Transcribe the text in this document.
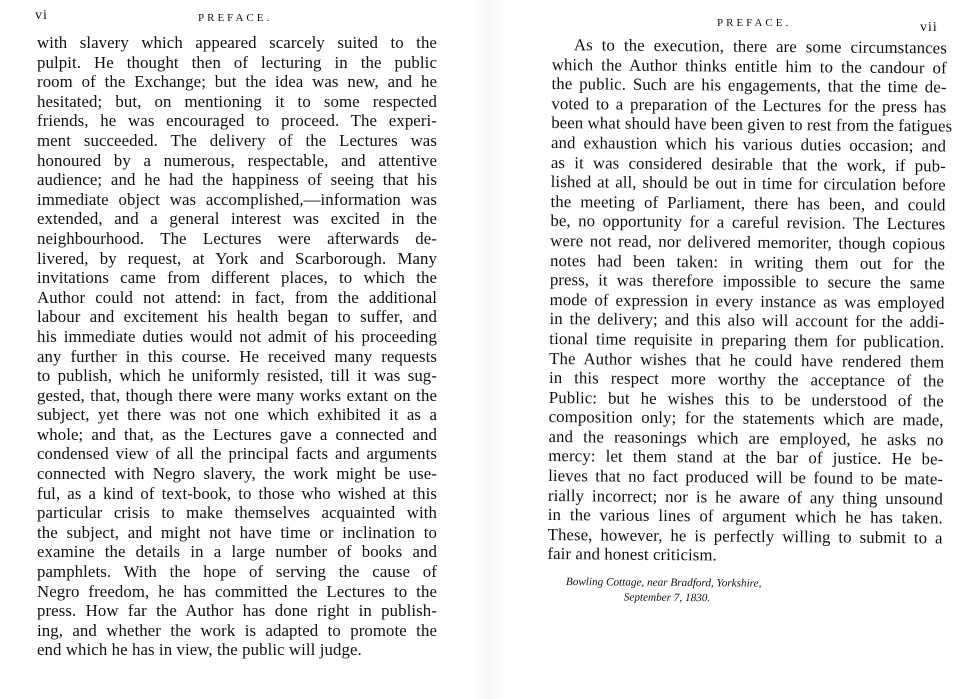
vi	PREFACE.
with slavery which appeared scarcely suited to the
pulpit. He thought then of lecturing in the public
room of the Exchange; but the idea was new, and he
hesitated; but, on mentioning it to some respected
friends, he was encouraged to proceed. The experi-
ment succeeded. The delivery of the Lectures was
honoured by a numerous, respectable, and attentive
audience; and he had the happiness of seeing that his
immediate object was accomplished,—information was
extended, and a general interest was excited in the
neighbourhood. The Lectures were afterwards de-
livered, by request, at York and Scarborough. Many
invitations came from different places, to which the
Author could not attend: in fact, from the additional
labour and excitement his health began to suffer, and
his immediate duties would not admit of his proceeding
any further in this course. He received many requests
to publish, which he uniformly resisted, till it was sug-
gested, that, though there were many works extant on the
subject, yet there was not one which exhibited it as a
whole; and that, as the Lectures gave a connected and
condensed view of all the principal facts and arguments
connected with Negro slavery, the work might be use-
ful, as a kind of text-book, to those who wished at this
particular crisis to make themselves acquainted with
the subject, and might not have time or inclination to
examine the details in a large number of books and
pamphlets. With the hope of serving the cause of
Negro freedom, he has committed the Lectures to the
press. How far the Author has done right in publish-
ing, and whether the work is adapted to promote the
end which he has in view, the public will judge.
PREFACE.	vii
As to the execution, there are some circumstances
which the Author thinks entitle him to the candour of
the public. Such are his engagements, that the time de-
voted to a preparation of the Lectures for the press has
been what should have been given to rest from the fatigues
and exhaustion which his various duties occasion; and
as it was considered desirable that the work, if pub-
lished at all, should be out in time for circulation before
the meeting of Parliament, there has been, and could
be, no opportunity for a careful revision. The Lectures
were not read, nor delivered memoriter, though copious
notes had been taken: in writing them out for the
press, it was therefore impossible to secure the same
mode of expression in every instance as was employed
in the delivery; and this also will account for the addi-
tional time requisite in preparing them for publication.
The Author wishes that he could have rendered them
in this respect more worthy the acceptance of the
Public: but he wishes this to be understood of the
composition only; for the statements which are made,
and the reasonings which are employed, he asks no
mercy: let them stand at the bar of justice. He be-
lieves that no fact produced will be found to be mate-
rially incorrect; nor is he aware of any thing unsound
in the various lines of argument which he has taken.
These, however, he is perfectly willing to submit to a
fair and honest criticism.
Bowling Cottage, near Bradford, Yorkshire,
September 7, 1830.
